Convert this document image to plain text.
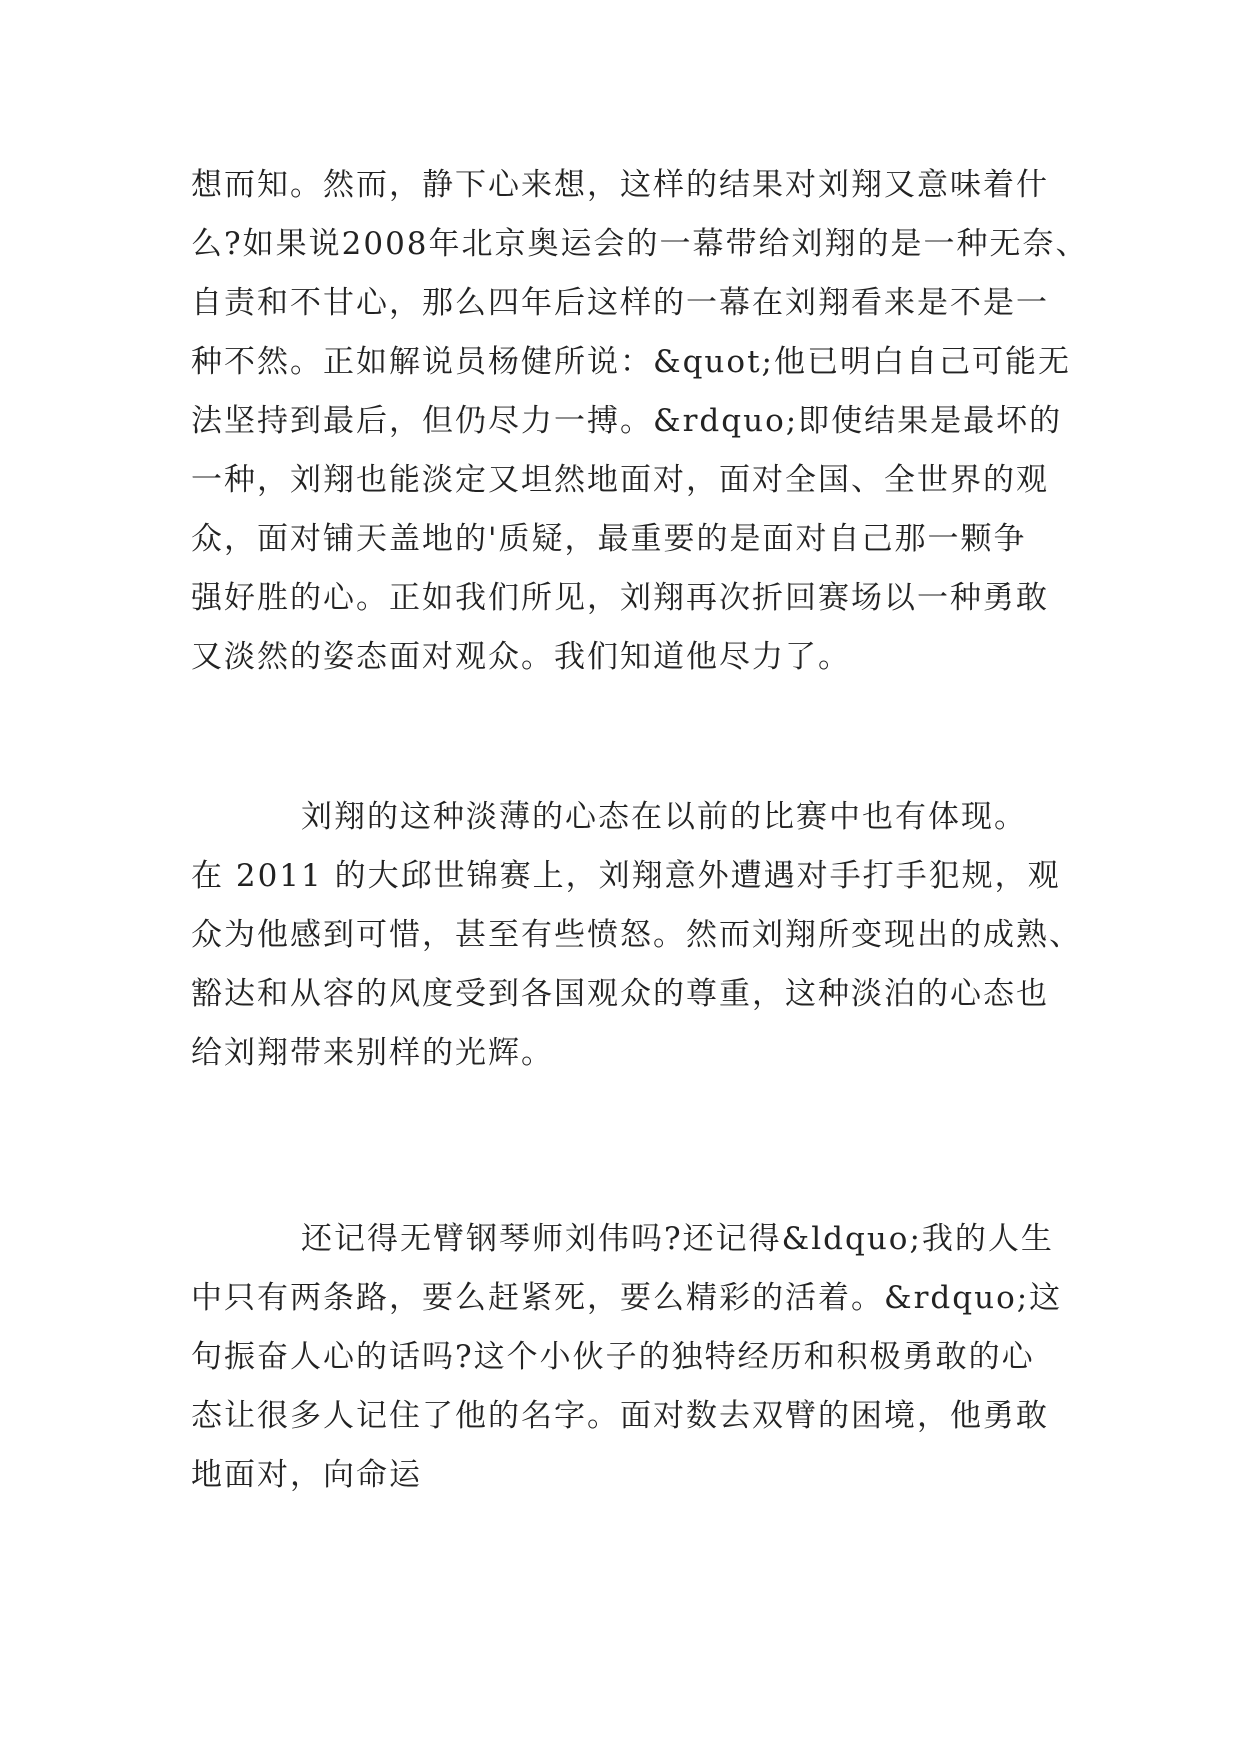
想而知。然而，静下心来想，这样的结果对刘翔又意味着什
么?如果说2008年北京奥运会的一幕带给刘翔的是一种无奈、
自责和不甘心，那么四年后这样的一幕在刘翔看来是不是一
种不然。正如解说员杨健所说：&quot;他已明白自己可能无
法坚持到最后，但仍尽力一搏。&rdquo;即使结果是最坏的
一种，刘翔也能淡定又坦然地面对，面对全国、全世界的观
众，面对铺天盖地的'质疑，最重要的是面对自己那一颗争
强好胜的心。正如我们所见，刘翔再次折回赛场以一种勇敢
又淡然的姿态面对观众。我们知道他尽力了。
刘翔的这种淡薄的心态在以前的比赛中也有体现。
在 2011 的大邱世锦赛上，刘翔意外遭遇对手打手犯规，观
众为他感到可惜，甚至有些愤怒。然而刘翔所变现出的成熟、
豁达和从容的风度受到各国观众的尊重，这种淡泊的心态也
给刘翔带来别样的光辉。
还记得无臂钢琴师刘伟吗?还记得&ldquo;我的人生
中只有两条路，要么赶紧死，要么精彩的活着。&rdquo;这
句振奋人心的话吗?这个小伙子的独特经历和积极勇敢的心
态让很多人记住了他的名字。面对数去双臂的困境，他勇敢
地面对，向命运
